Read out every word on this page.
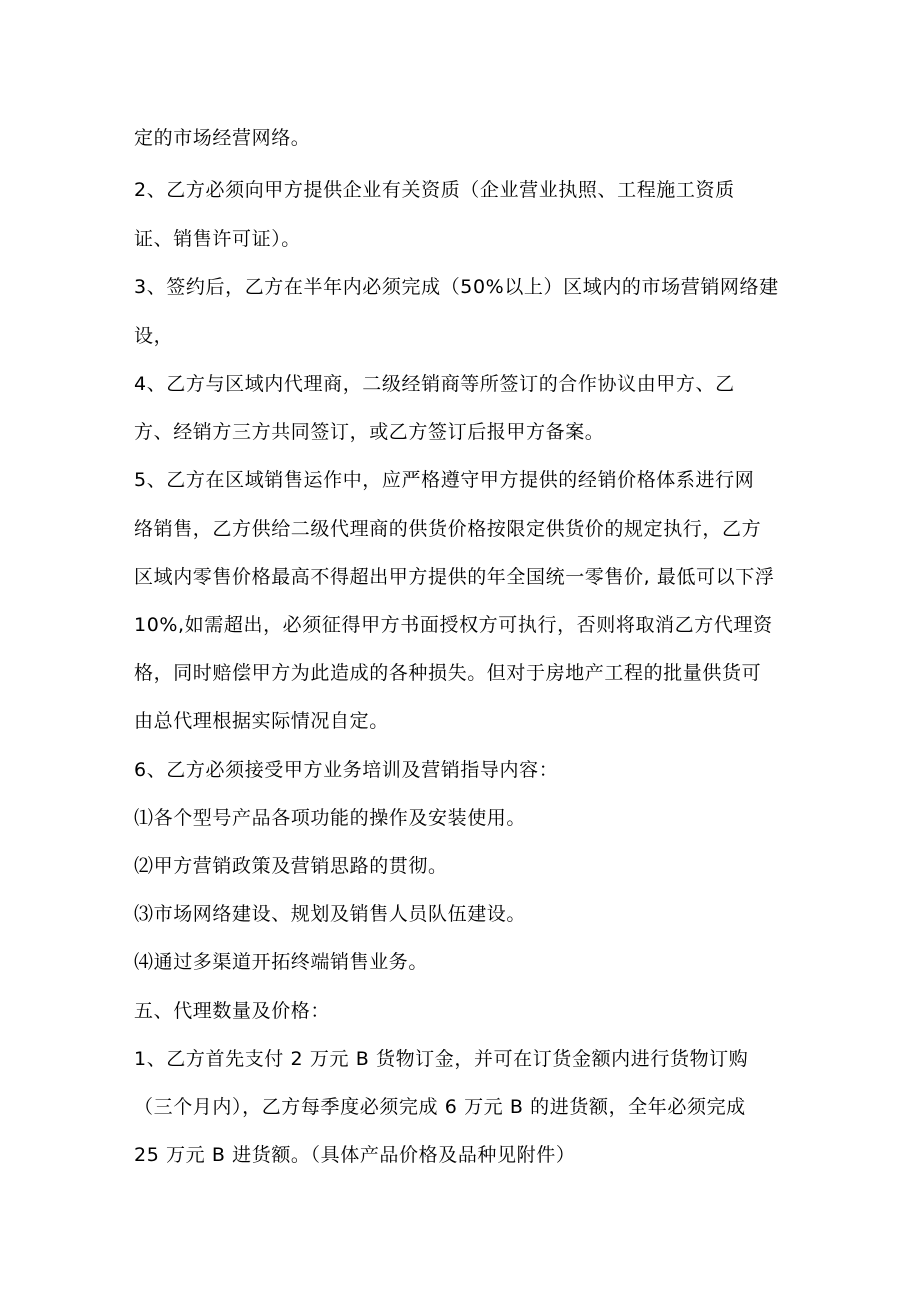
定的市场经营网络。
2、乙方必须向甲方提供企业有关资质（企业营业执照、工程施工资质
证、销售许可证）。
3、签约后，乙方在半年内必须完成（50%以上）区域内的市场营销网络建
设，
4、乙方与区域内代理商，二级经销商等所签订的合作协议由甲方、乙
方、经销方三方共同签订，或乙方签订后报甲方备案。
5、乙方在区域销售运作中，应严格遵守甲方提供的经销价格体系进行网
络销售，乙方供给二级代理商的供货价格按限定供货价的规定执行，乙方
区域内零售价格最高不得超出甲方提供的年全国统一零售价, 最低可以下浮
10%,如需超出，必须征得甲方书面授权方可执行，否则将取消乙方代理资
格，同时赔偿甲方为此造成的各种损失。但对于房地产工程的批量供货可
由总代理根据实际情况自定。
6、乙方必须接受甲方业务培训及营销指导内容：
⑴各个型号产品各项功能的操作及安装使用。
⑵甲方营销政策及营销思路的贯彻。
⑶市场网络建设、规划及销售人员队伍建设。
⑷通过多渠道开拓终端销售业务。
五、代理数量及价格：
1、乙方首先支付 2 万元 B 货物订金，并可在订货金额内进行货物订购
（三个月内），乙方每季度必须完成 6 万元 B 的进货额，全年必须完成
25 万元 B 进货额。（具体产品价格及品种见附件）
